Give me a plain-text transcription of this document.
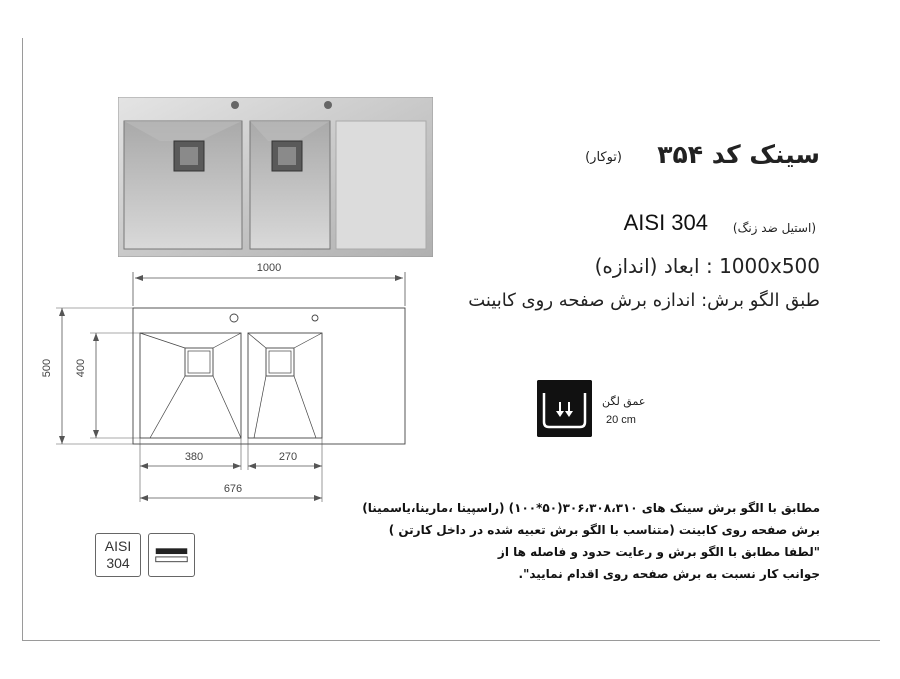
1000
500 400
380	270
676
سینک کد ۳۵۴
(توکار)
(استیل ضد زنگ)
AISI 304
1000x500 : ابعاد (اندازه)
طبق الگو برش: اندازه برش صفحه روی کابینت
عمق لگن
20 cm
مطابق با الگو برش سینک های ۳۰۶،۳۰۸،۳۱۰(۵۰*۱۰۰) (راسپینا ،مارینا،یاسمینا)
برش صفحه روی کابینت (متناسب با الگو برش تعبیه شده در داخل کارتن )
"لطفا مطابق با الگو برش و رعایت حدود و فاصله ها از
جوانب کار نسبت به برش صفحه روی اقدام نمایید".
AISI
304
